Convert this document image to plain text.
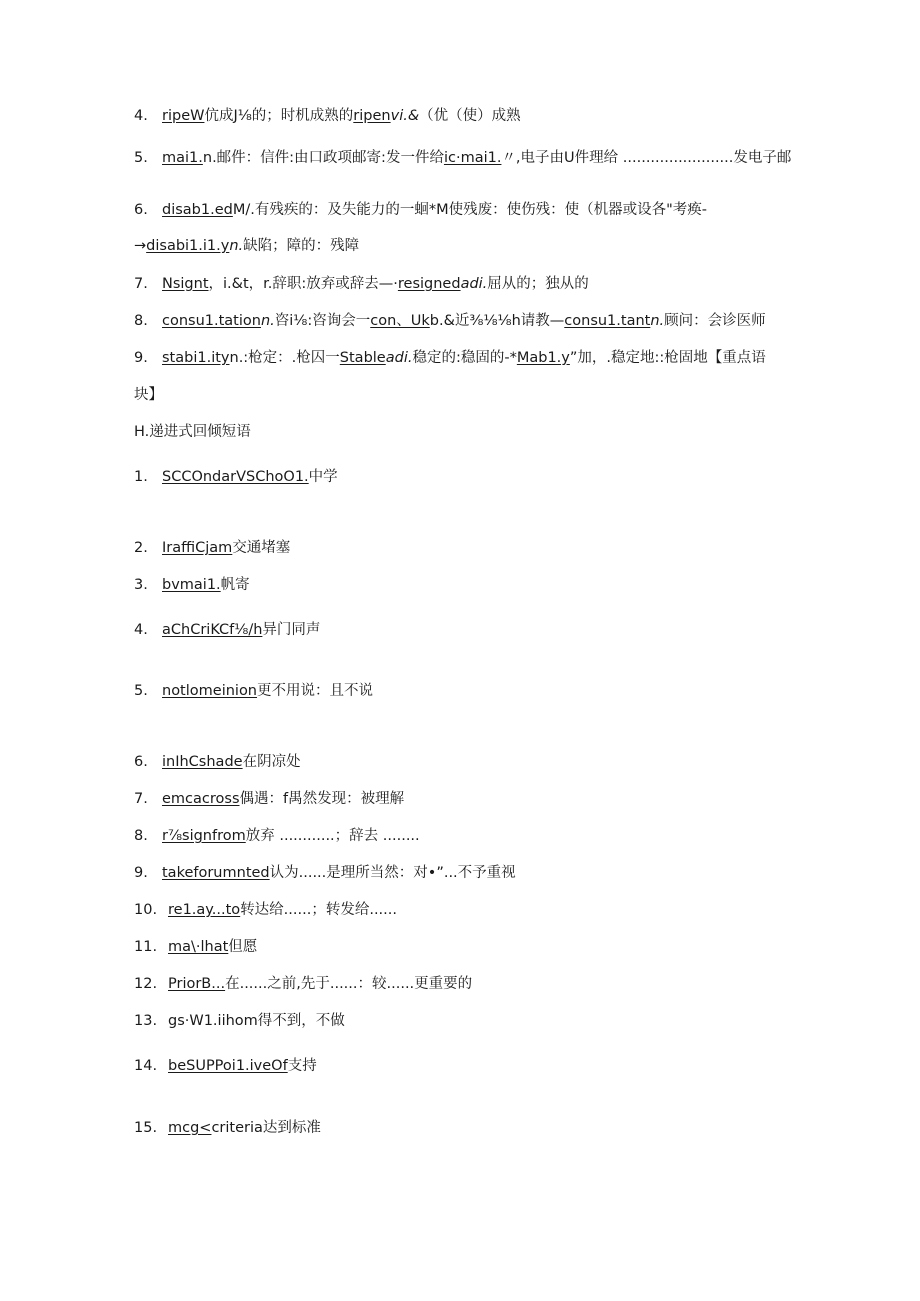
4. ripeW伉成J⅛的；时机成熟的ripenvi.&（优（使）成熟
5. mai1.n.邮件：信件:由口政项邮寄:发一件给ic·mai1.〃,电子由U件理给 ........................发电子邮
6. disab1.edM/.有残疾的：及失能力的一蛔*M使残废：使伤残：使（机器或设各"考痪-
→disabi1.i1.yn.缺陷；障的：残障
7. Nsignt，i.&t，r.辞职:放弃或辞去—·resignedadi.屈从的；独从的
8. consu1.tationn.咨i⅛:咨询会一con、Ukb.&近⅜⅛⅛h请教—consu1.tantn.顾问：会诊医师
9. stabi1.ityn.:枪定：.枪囚一Stableadi.稳定的:稳固的-*Mab1.y”加，.稳定地::枪固地【重点语
块】
H.递进式回倾短语
1. SCCOndarVSChoO1.中学
2. IraffiCjam交通堵塞
3. bvmai1.帆寄
4. aChCriKCf⅛∕h异门同声
5. notlomeinion更不用说：且不说
6. inIhCshade在阴凉处
7. emcacross偶遇：f禺然发现：被理解
8. r⅞signfrom放弃 ............；辞去 ........
9. takeforumnted认为......是理所当然：对•”...不予重视
10. re1.ay...to转达给......；转发给......
11. ma\·lhat但愿
12. PriorB...在......之前,先于......：较......更重要的
13. gs·W1.iihom得不到，不做
14. beSUPPoi1.iveOf支持
15. mcg<criteria达到标准
